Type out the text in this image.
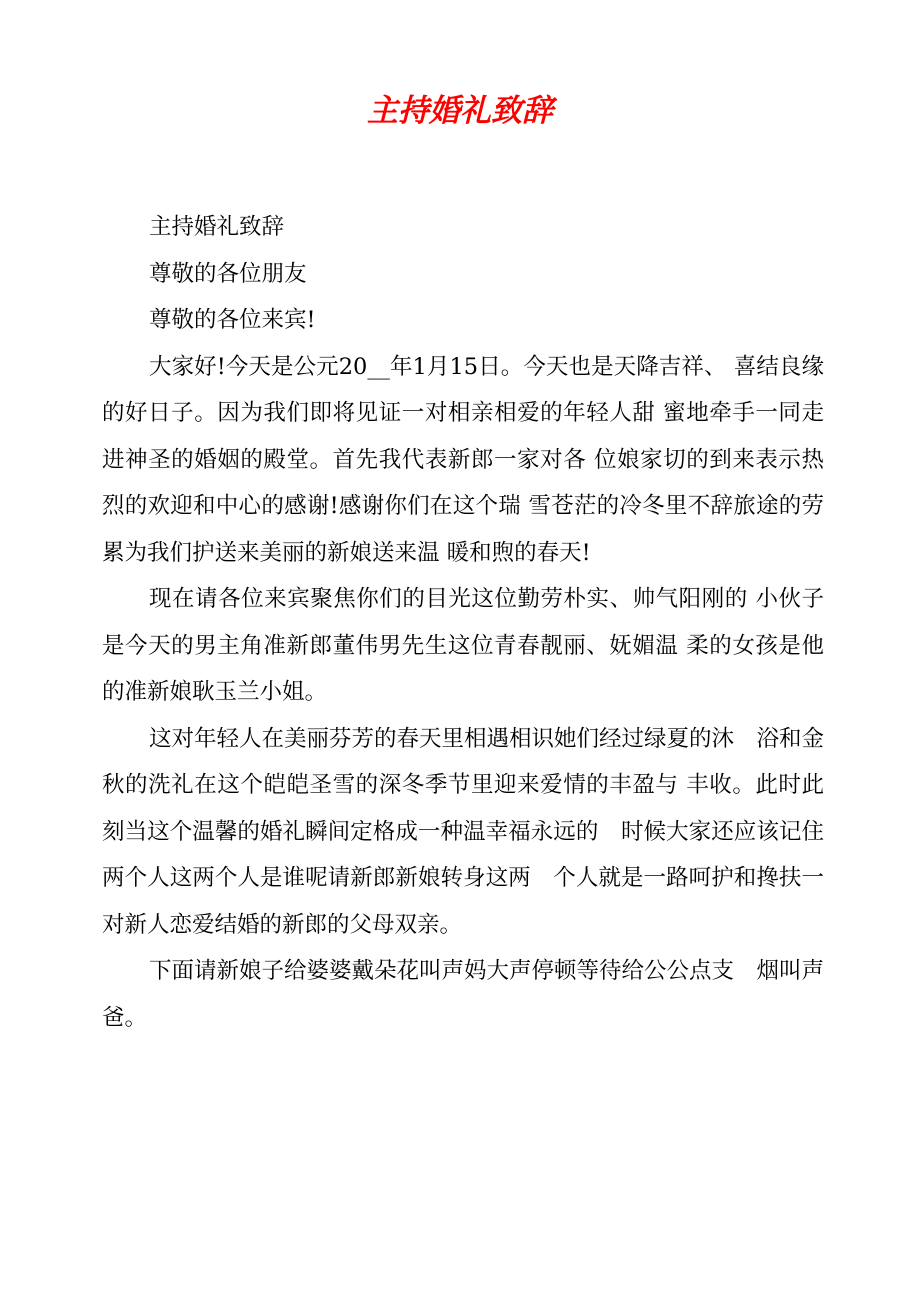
主持婚礼致辞

主持婚礼致辞

尊敬的各位朋友

尊敬的各位来宾!

大家好!今天是公元20__年1月15日。今天也是天降吉祥、 喜结良缘的好日子。因为我们即将见证一对相亲相爱的年轻人甜 蜜地牵手一同走进神圣的婚姻的殿堂。首先我代表新郎一家对各 位娘家切的到来表示热烈的欢迎和中心的感谢!感谢你们在这个瑞 雪苍茫的冷冬里不辞旅途的劳累为我们护送来美丽的新娘送来温 暖和煦的春天!

现在请各位来宾聚焦你们的目光这位勤劳朴实、帅气阳刚的 小伙子是今天的男主角准新郎董伟男先生这位青春靓丽、妩媚温 柔的女孩是他的准新娘耿玉兰小姐。

这对年轻人在美丽芬芳的春天里相遇相识她们经过绿夏的沐　浴和金秋的洗礼在这个皑皑圣雪的深冬季节里迎来爱情的丰盈与 丰收。此时此刻当这个温馨的婚礼瞬间定格成一种温幸福永远的　时候大家还应该记住两个人这两个人是谁呢请新郎新娘转身这两　个人就是一路呵护和搀扶一对新人恋爱结婚的新郎的父母双亲。

下面请新娘子给婆婆戴朵花叫声妈大声停顿等待给公公点支　烟叫声爸。
